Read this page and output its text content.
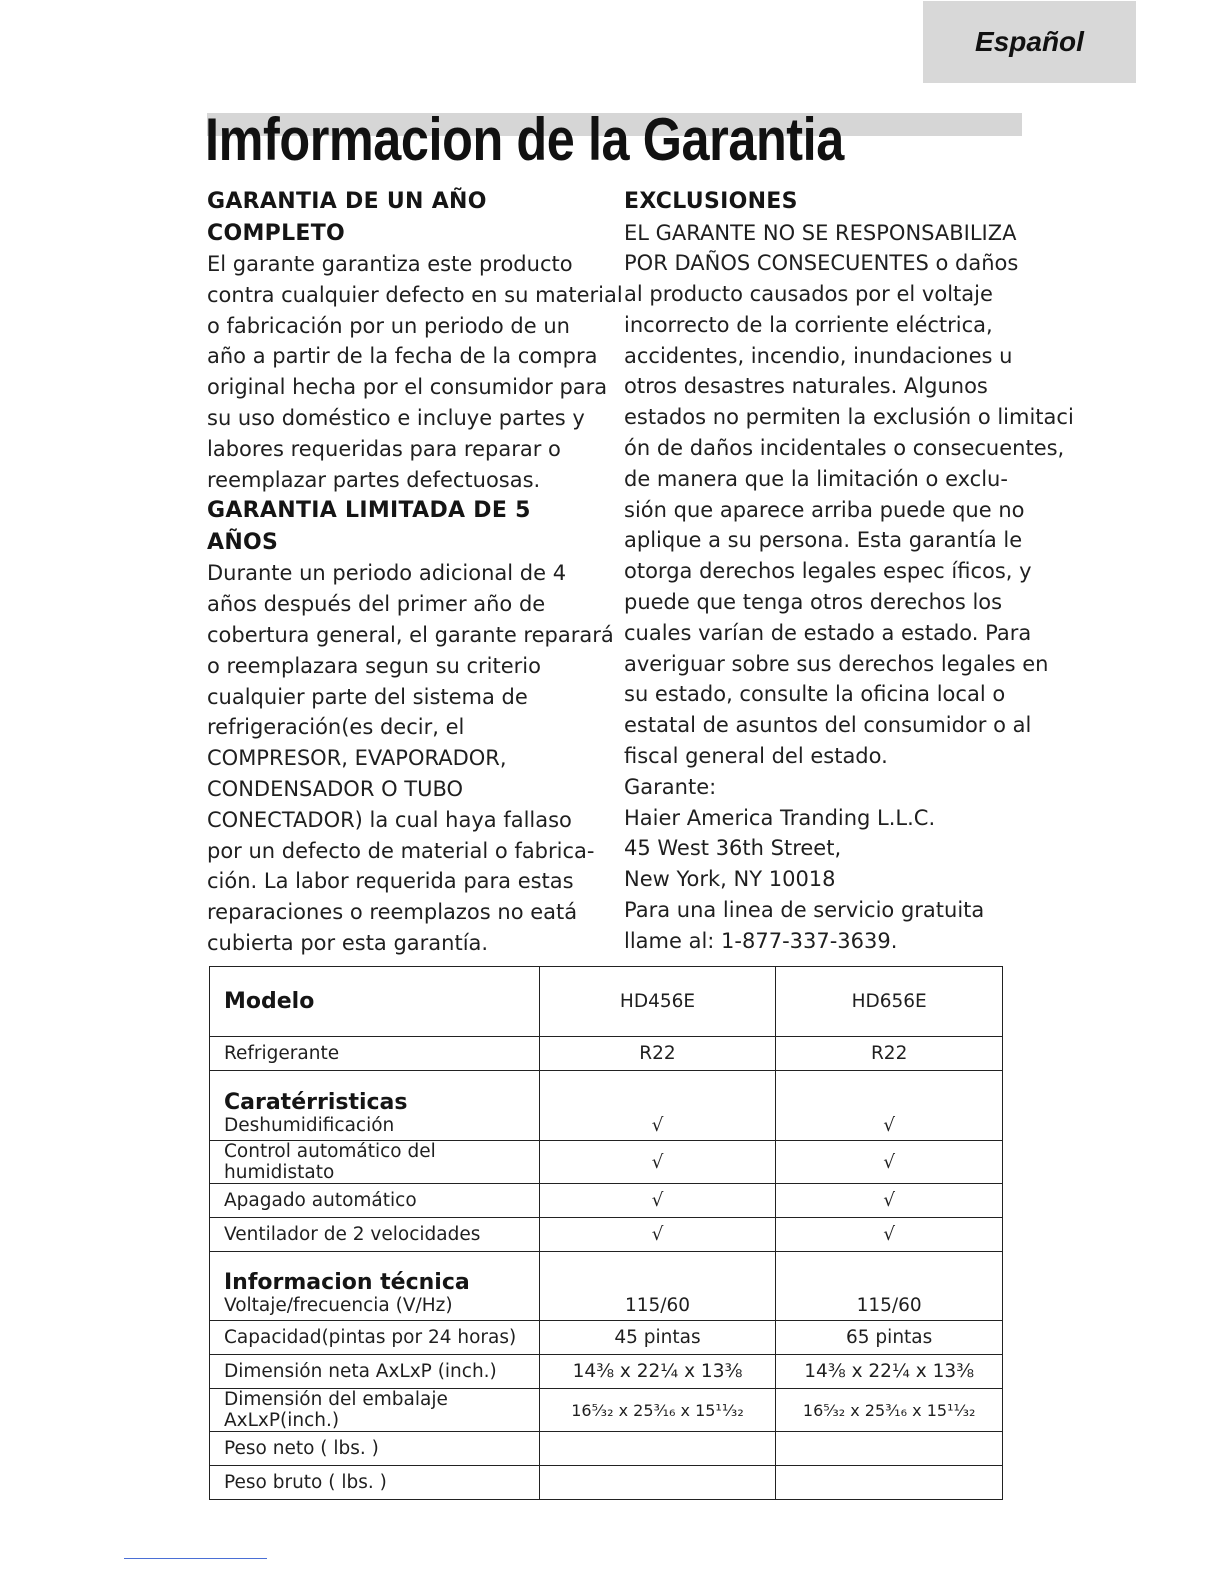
Español
Imformacion de la Garantia
GARANTIA DE UN AÑO
COMPLETO

El garante garantiza este producto
contra cualquier defecto en su material
o fabricación por un periodo de un
año a partir de la fecha de la compra
original hecha por el consumidor para
su uso doméstico e incluye partes y
labores requeridas para reparar o
reemplazar partes defectuosas.

GARANTIA LIMITADA DE 5
AÑOS

Durante un periodo adicional de 4
años después del primer año de
cobertura general, el garante reparará
o reemplazara segun su criterio
cualquier parte del sistema de
refrigeración(es decir, el
COMPRESOR, EVAPORADOR,
CONDENSADOR O TUBO
CONECTADOR) la cual haya fallaso
por un defecto de material o fabrica-
ción. La labor requerida para estas
reparaciones o reemplazos no eatá
cubierta por esta garantía.

EXCLUSIONES

EL GARANTE NO SE RESPONSABILIZA
POR DAÑOS CONSECUENTES o daños
al producto causados por el voltaje
incorrecto de la corriente eléctrica,
accidentes, incendio, inundaciones u
otros desastres naturales. Algunos
estados no permiten la exclusión o limitaci
ón de daños incidentales o consecuentes,
de manera que la limitación o exclu-
sión que aparece arriba puede que no
aplique a su persona. Esta garantía le
otorga derechos legales espec íficos, y
puede que tenga otros derechos los
cuales varían de estado a estado. Para
averiguar sobre sus derechos legales en
su estado, consulte la oficina local o
estatal de asuntos del consumidor o al
fiscal general del estado.
Garante:
Haier America Tranding L.L.C.
45 West 36th Street,
New York, NY 10018
Para una linea de servicio gratuita
llame al: 1-877-337-3639.

Modelo	HD456E	HD656E
Refrigerante	R22	R22

Caratérristicas
Deshumidificación	√	√
Control automático del humidistato	√	√
Apagado automático	√	√
Ventilador de 2 velocidades	√	√

Informacion técnica
Voltaje/frecuencia (V/Hz)	115/60	115/60
Capacidad(pintas por 24 horas)	45 pintas	65 pintas
Dimensión neta AxLxP (inch.)	14⅜ x 22¼ x 13⅜	14⅜ x 22¼ x 13⅜
Dimensión del embalaje AxLxP(inch.)	16⁵⁄₃₂ x 25³⁄₁₆ x 15¹¹⁄₃₂	16⁵⁄₃₂ x 25³⁄₁₆ x 15¹¹⁄₃₂
Peso neto ( lbs. )		
Peso bruto ( lbs. )		
